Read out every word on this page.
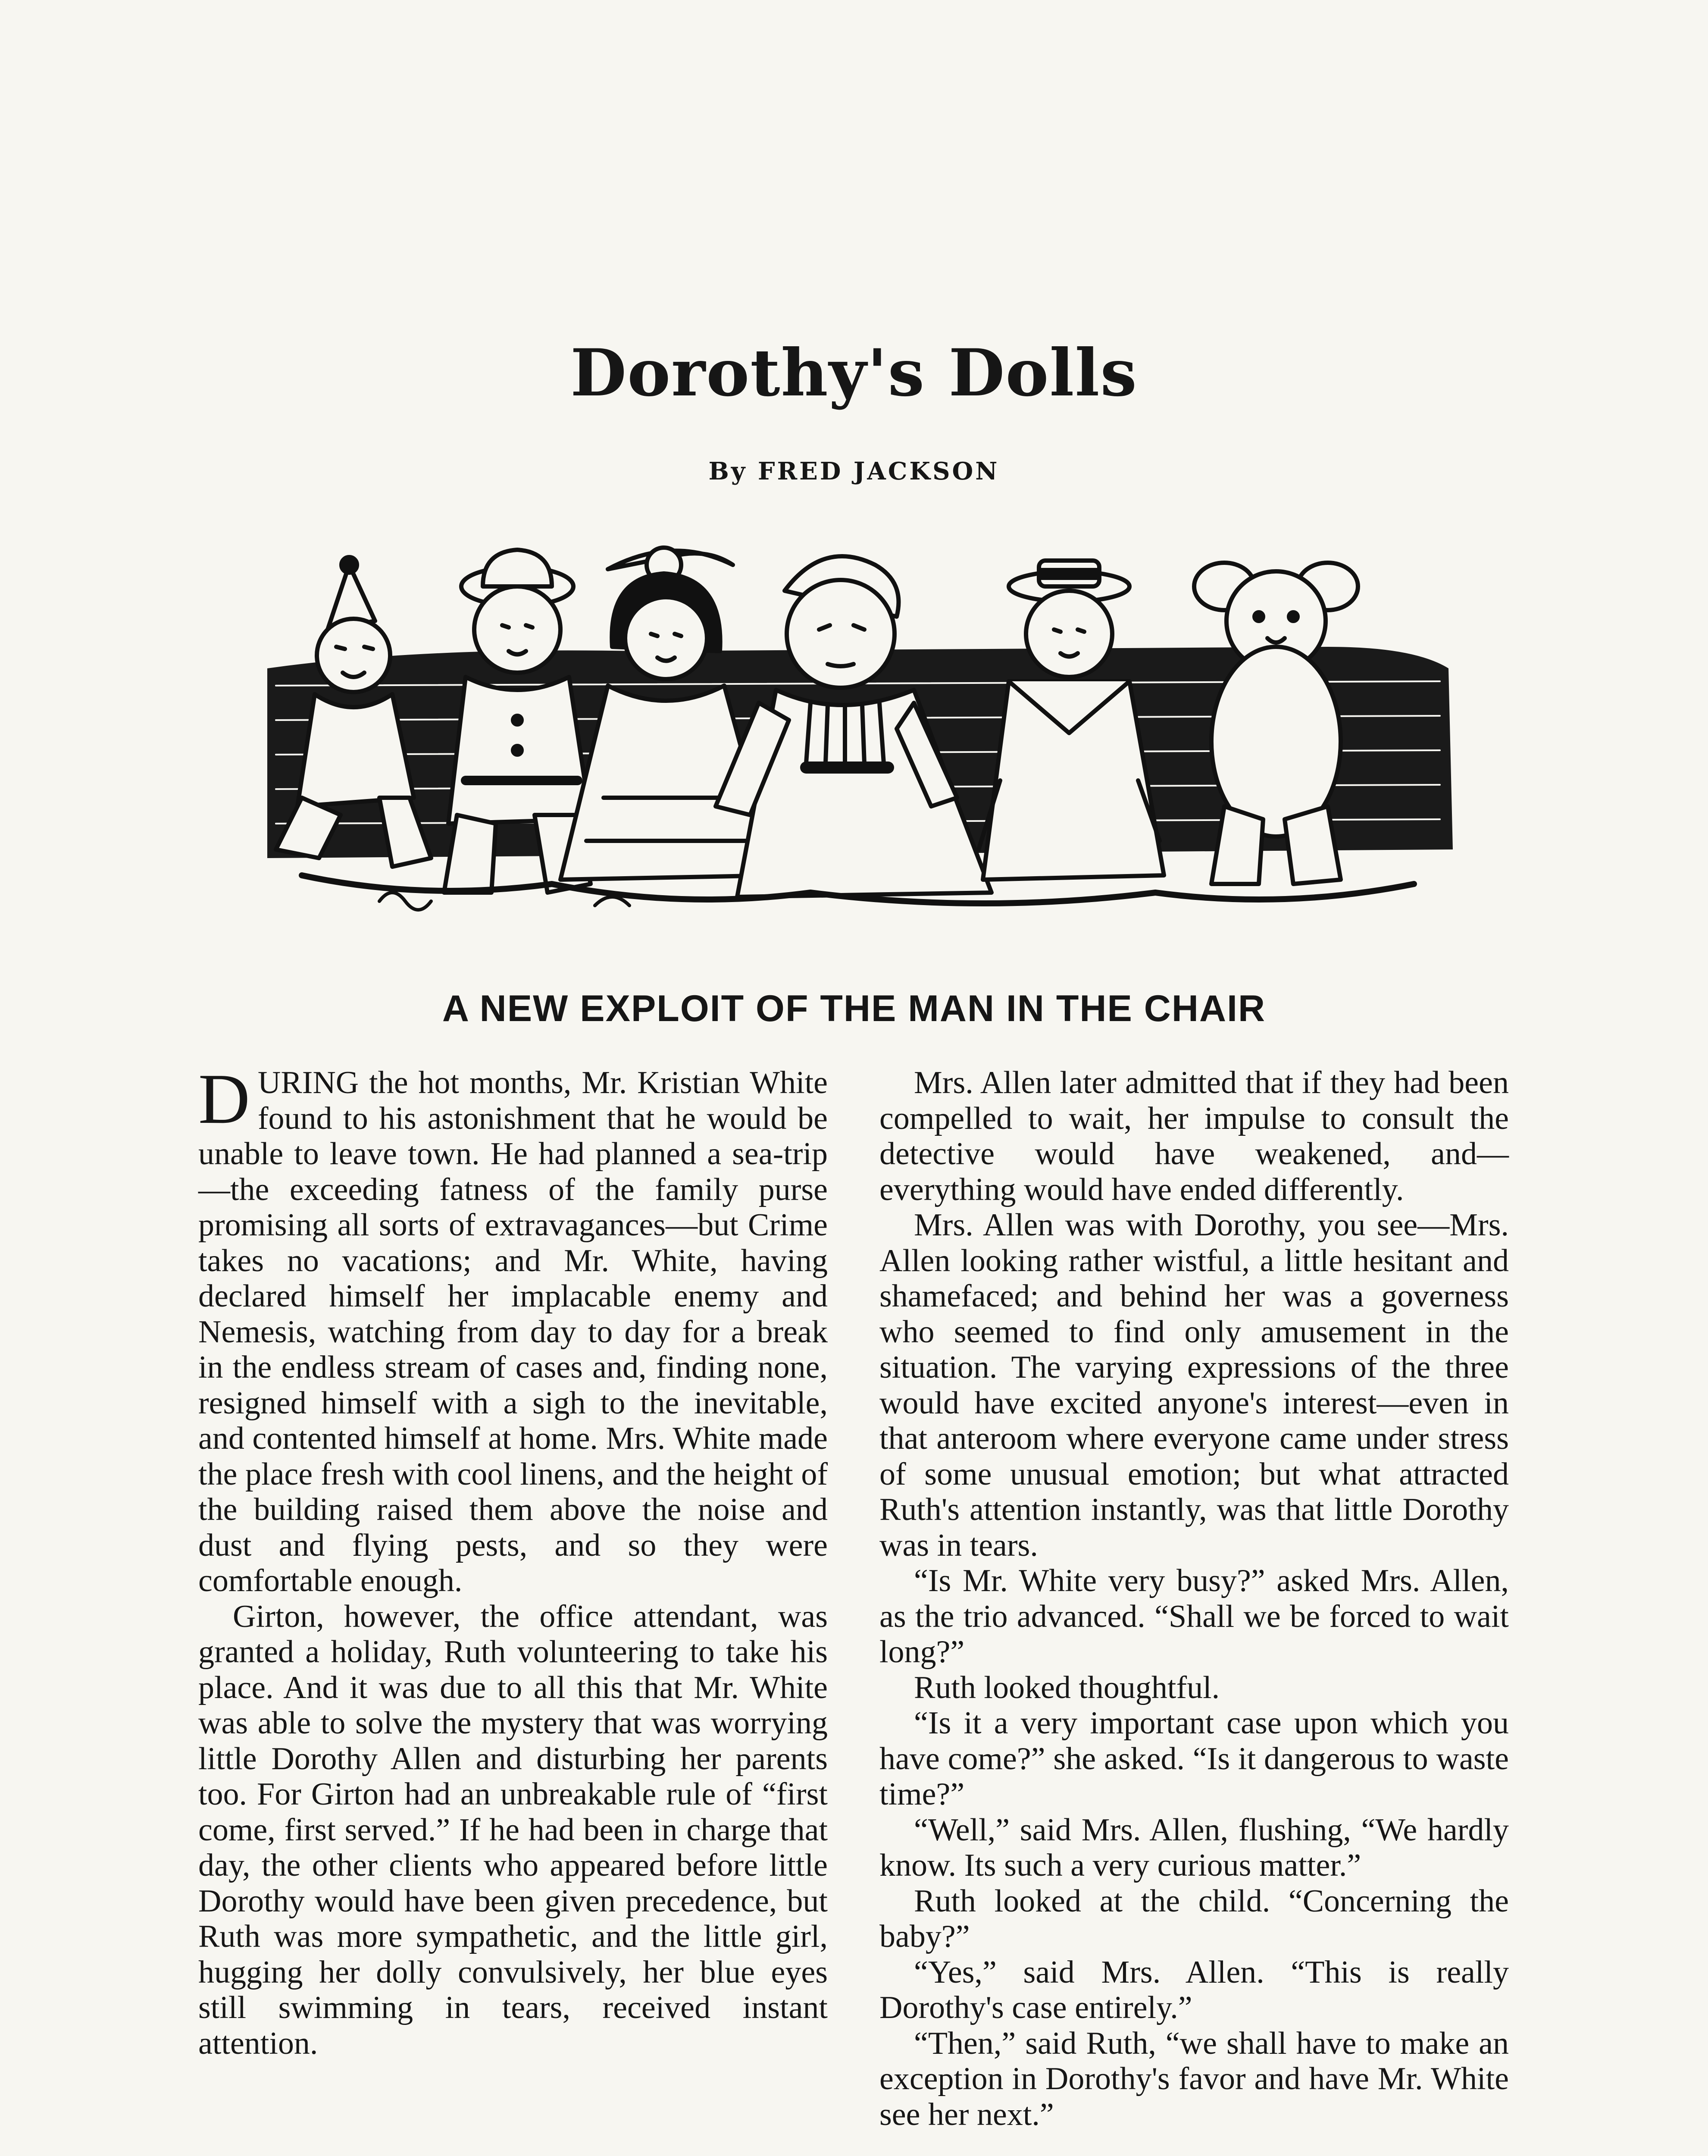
Dorothy's Dolls
By FRED JACKSON
A NEW EXPLOIT OF THE MAN IN THE CHAIR

DURING the hot months, Mr. Kristian White found to his astonishment that he would be unable to leave town. He had planned a sea-trip—the exceeding fatness of the family purse promising all sorts of extravagances—but Crime takes no vacations; and Mr. White, having declared himself her implacable enemy and Nemesis, watching from day to day for a break in the endless stream of cases and, finding none, resigned himself with a sigh to the inevitable, and contented himself at home. Mrs. White made the place fresh with cool linens, and the height of the building raised them above the noise and dust and flying pests, and so they were comfortable enough.

Girton, however, the office attendant, was granted a holiday, Ruth volunteering to take his place. And it was due to all this that Mr. White was able to solve the mystery that was worrying little Dorothy Allen and disturbing her parents too. For Girton had an unbreakable rule of “first come, first served.” If he had been in charge that day, the other clients who appeared before little Dorothy would have been given precedence, but Ruth was more sympathetic, and the little girl, hugging her dolly convulsively, her blue eyes still swimming in tears, received instant attention.

Mrs. Allen later admitted that if they had been compelled to wait, her impulse to consult the detective would have weakened, and—everything would have ended differently.

Mrs. Allen was with Dorothy, you see—Mrs. Allen looking rather wistful, a little hesitant and shamefaced; and behind her was a governess who seemed to find only amusement in the situation. The varying expressions of the three would have excited anyone's interest—even in that anteroom where everyone came under stress of some unusual emotion; but what attracted Ruth's attention instantly, was that little Dorothy was in tears.

“Is Mr. White very busy?” asked Mrs. Allen, as the trio advanced. “Shall we be forced to wait long?”

Ruth looked thoughtful.

“Is it a very important case upon which you have come?” she asked. “Is it dangerous to waste time?”

“Well,” said Mrs. Allen, flushing, “We hardly know. Its such a very curious matter.”

Ruth looked at the child. “Concerning the baby?”

“Yes,” said Mrs. Allen. “This is really Dorothy's case entirely.”

“Then,” said Ruth, “we shall have to make an exception in Dorothy's favor and have Mr. White see her next.”
